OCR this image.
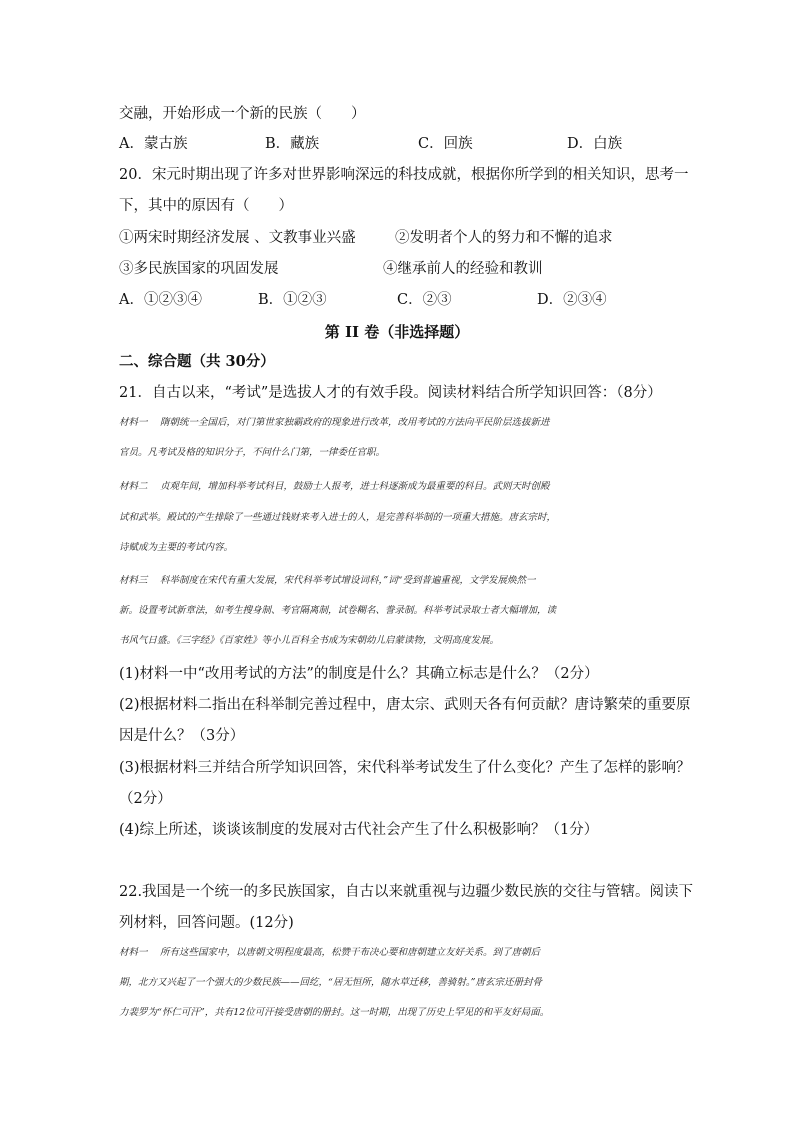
交融，开始形成一个新的民族（　　）
A．蒙古族	B．藏族	C．回族	D．白族
20．宋元时期出现了许多对世界影响深远的科技成就，根据你所学到的相关知识，思考一
下，其中的原因有（　　）
①两宋时期经济发展 、文教事业兴盛	②发明者个人的努力和不懈的追求
③多民族国家的巩固发展	④继承前人的经验和教训
A．①②③④	B．①②③	C．②③	D．②③④
第 II 卷（非选择题）
二、综合题（共 30分）
21．自古以来，“考试”是选拔人才的有效手段。阅读材料结合所学知识回答：（8分）
材料一　 隋朝统一全国后，对门第世家独霸政府的现象进行改革，改用考试的方法向平民阶层选拔新进
官员。凡考试及格的知识分子，不问什么门第，一律委任官职。
材料二　 贞观年间，增加科举考试科目，鼓励士人报考，进士科逐渐成为最重要的科目。武则天时创殿
试和武举。殿试的产生排除了一些通过钱财来考入进士的人，是完善科举制的一项重大措施。唐玄宗时，
诗赋成为主要的考试内容。
材料三　 科举制度在宋代有重大发展，宋代科举考试增设词科，”词“受到普遍重视，文学发展焕然一
新。设置考试新章法，如考生搜身制、考官隔离制，试卷糊名、誊录制。科举考试录取士者大幅增加，读
书风气日盛。《三字经》《百家姓》等小儿百科全书成为宋朝幼儿启蒙读物，文明高度发展。
(1)材料一中“改用考试的方法”的制度是什么？其确立标志是什么？（2分）
(2)根据材料二指出在科举制完善过程中，唐太宗、武则天各有何贡献？唐诗繁荣的重要原
因是什么？（3分）
(3)根据材料三并结合所学知识回答，宋代科举考试发生了什么变化？产生了怎样的影响？
（2分）
(4)综上所述，谈谈该制度的发展对古代社会产生了什么积极影响？（1分）
22.我国是一个统一的多民族国家，自古以来就重视与边疆少数民族的交往与管辖。阅读下
列材料，回答问题。(12分)
材料一　 所有这些国家中，以唐朝文明程度最高，松赞干布决心要和唐朝建立友好关系。到了唐朝后
期，北方又兴起了一个强大的少数民族——回纥，“居无恒所，随水草迁移，善骑射。”唐玄宗还册封骨
力裴罗为“怀仁可汗”，共有12位可汗接受唐朝的册封。这一时期，出现了历史上罕见的和平友好局面。
